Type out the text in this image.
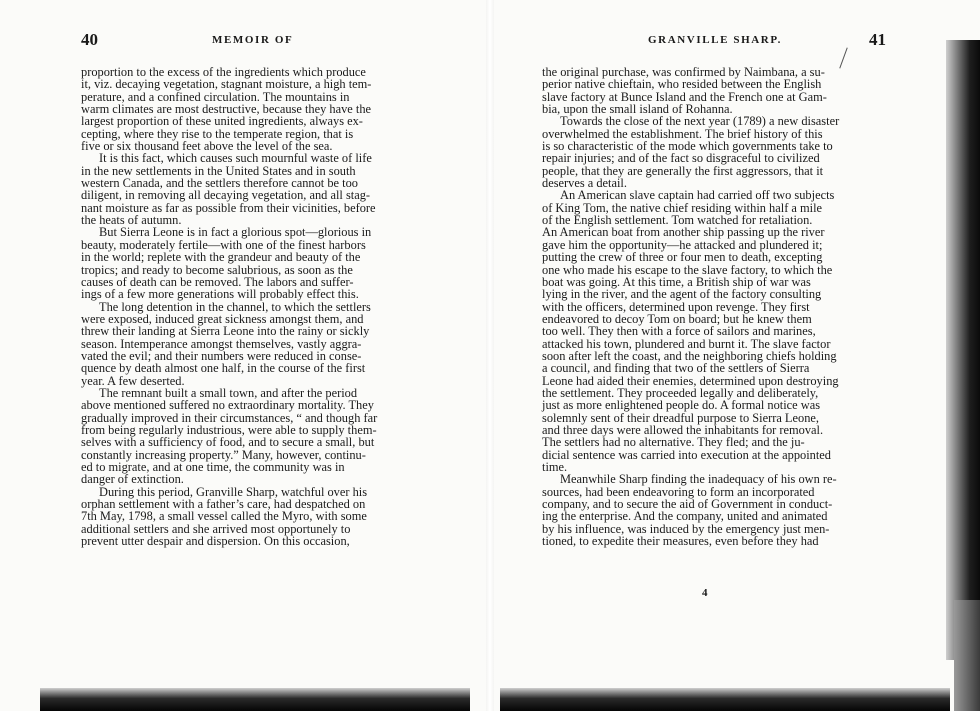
40	MEMOIR OF
proportion to the excess of the ingredients which produce
it, viz. decaying vegetation, stagnant moisture, a high tem-
perature, and a confined circulation. The mountains in
warm climates are most destructive, because they have the
largest proportion of these united ingredients, always ex-
cepting, where they rise to the temperate region, that is
five or six thousand feet above the level of the sea.
It is this fact, which causes such mournful waste of life
in the new settlements in the United States and in south
western Canada, and the settlers therefore cannot be too
diligent, in removing all decaying vegetation, and all stag-
nant moisture as far as possible from their vicinities, before
the heats of autumn.
But Sierra Leone is in fact a glorious spot—glorious in
beauty, moderately fertile—with one of the finest harbors
in the world; replete with the grandeur and beauty of the
tropics; and ready to become salubrious, as soon as the
causes of death can be removed. The labors and suffer-
ings of a few more generations will probably effect this.
The long detention in the channel, to which the settlers
were exposed, induced great sickness amongst them, and
threw their landing at Sierra Leone into the rainy or sickly
season. Intemperance amongst themselves, vastly aggra-
vated the evil; and their numbers were reduced in conse-
quence by death almost one half, in the course of the first
year. A few deserted.
The remnant built a small town, and after the period
above mentioned suffered no extraordinary mortality. They
gradually improved in their circumstances, “ and though far
from being regularly industrious, were able to supply them-
selves with a sufficiency of food, and to secure a small, but
constantly increasing property.” Many, however, continu-
ed to migrate, and at one time, the community was in
danger of extinction.
During this period, Granville Sharp, watchful over his
orphan settlement with a father’s care, had despatched on
7th May, 1798, a small vessel called the Myro, with some
additional settlers and she arrived most opportunely to
prevent utter despair and dispersion. On this occasion,
GRANVILLE SHARP.	41
the original purchase, was confirmed by Naimbana, a su-
perior native chieftain, who resided between the English
slave factory at Bunce Island and the French one at Gam-
bia, upon the small island of Rohanna.
Towards the close of the next year (1789) a new disaster
overwhelmed the establishment. The brief history of this
is so characteristic of the mode which governments take to
repair injuries; and of the fact so disgraceful to civilized
people, that they are generally the first aggressors, that it
deserves a detail.
An American slave captain had carried off two subjects
of King Tom, the native chief residing within half a mile
of the English settlement. Tom watched for retaliation.
An American boat from another ship passing up the river
gave him the opportunity—he attacked and plundered it;
putting the crew of three or four men to death, excepting
one who made his escape to the slave factory, to which the
boat was going. At this time, a British ship of war was
lying in the river, and the agent of the factory consulting
with the officers, determined upon revenge. They first
endeavored to decoy Tom on board; but he knew them
too well. They then with a force of sailors and marines,
attacked his town, plundered and burnt it. The slave factor
soon after left the coast, and the neighboring chiefs holding
a council, and finding that two of the settlers of Sierra
Leone had aided their enemies, determined upon destroying
the settlement. They proceeded legally and deliberately,
just as more enlightened people do. A formal notice was
solemnly sent of their dreadful purpose to Sierra Leone,
and three days were allowed the inhabitants for removal.
The settlers had no alternative. They fled; and the ju-
dicial sentence was carried into execution at the appointed
time.
Meanwhile Sharp finding the inadequacy of his own re-
sources, had been endeavoring to form an incorporated
company, and to secure the aid of Government in conduct-
ing the enterprise. And the company, united and animated
by his influence, was induced by the emergency just men-
tioned, to expedite their measures, even before they had
4
